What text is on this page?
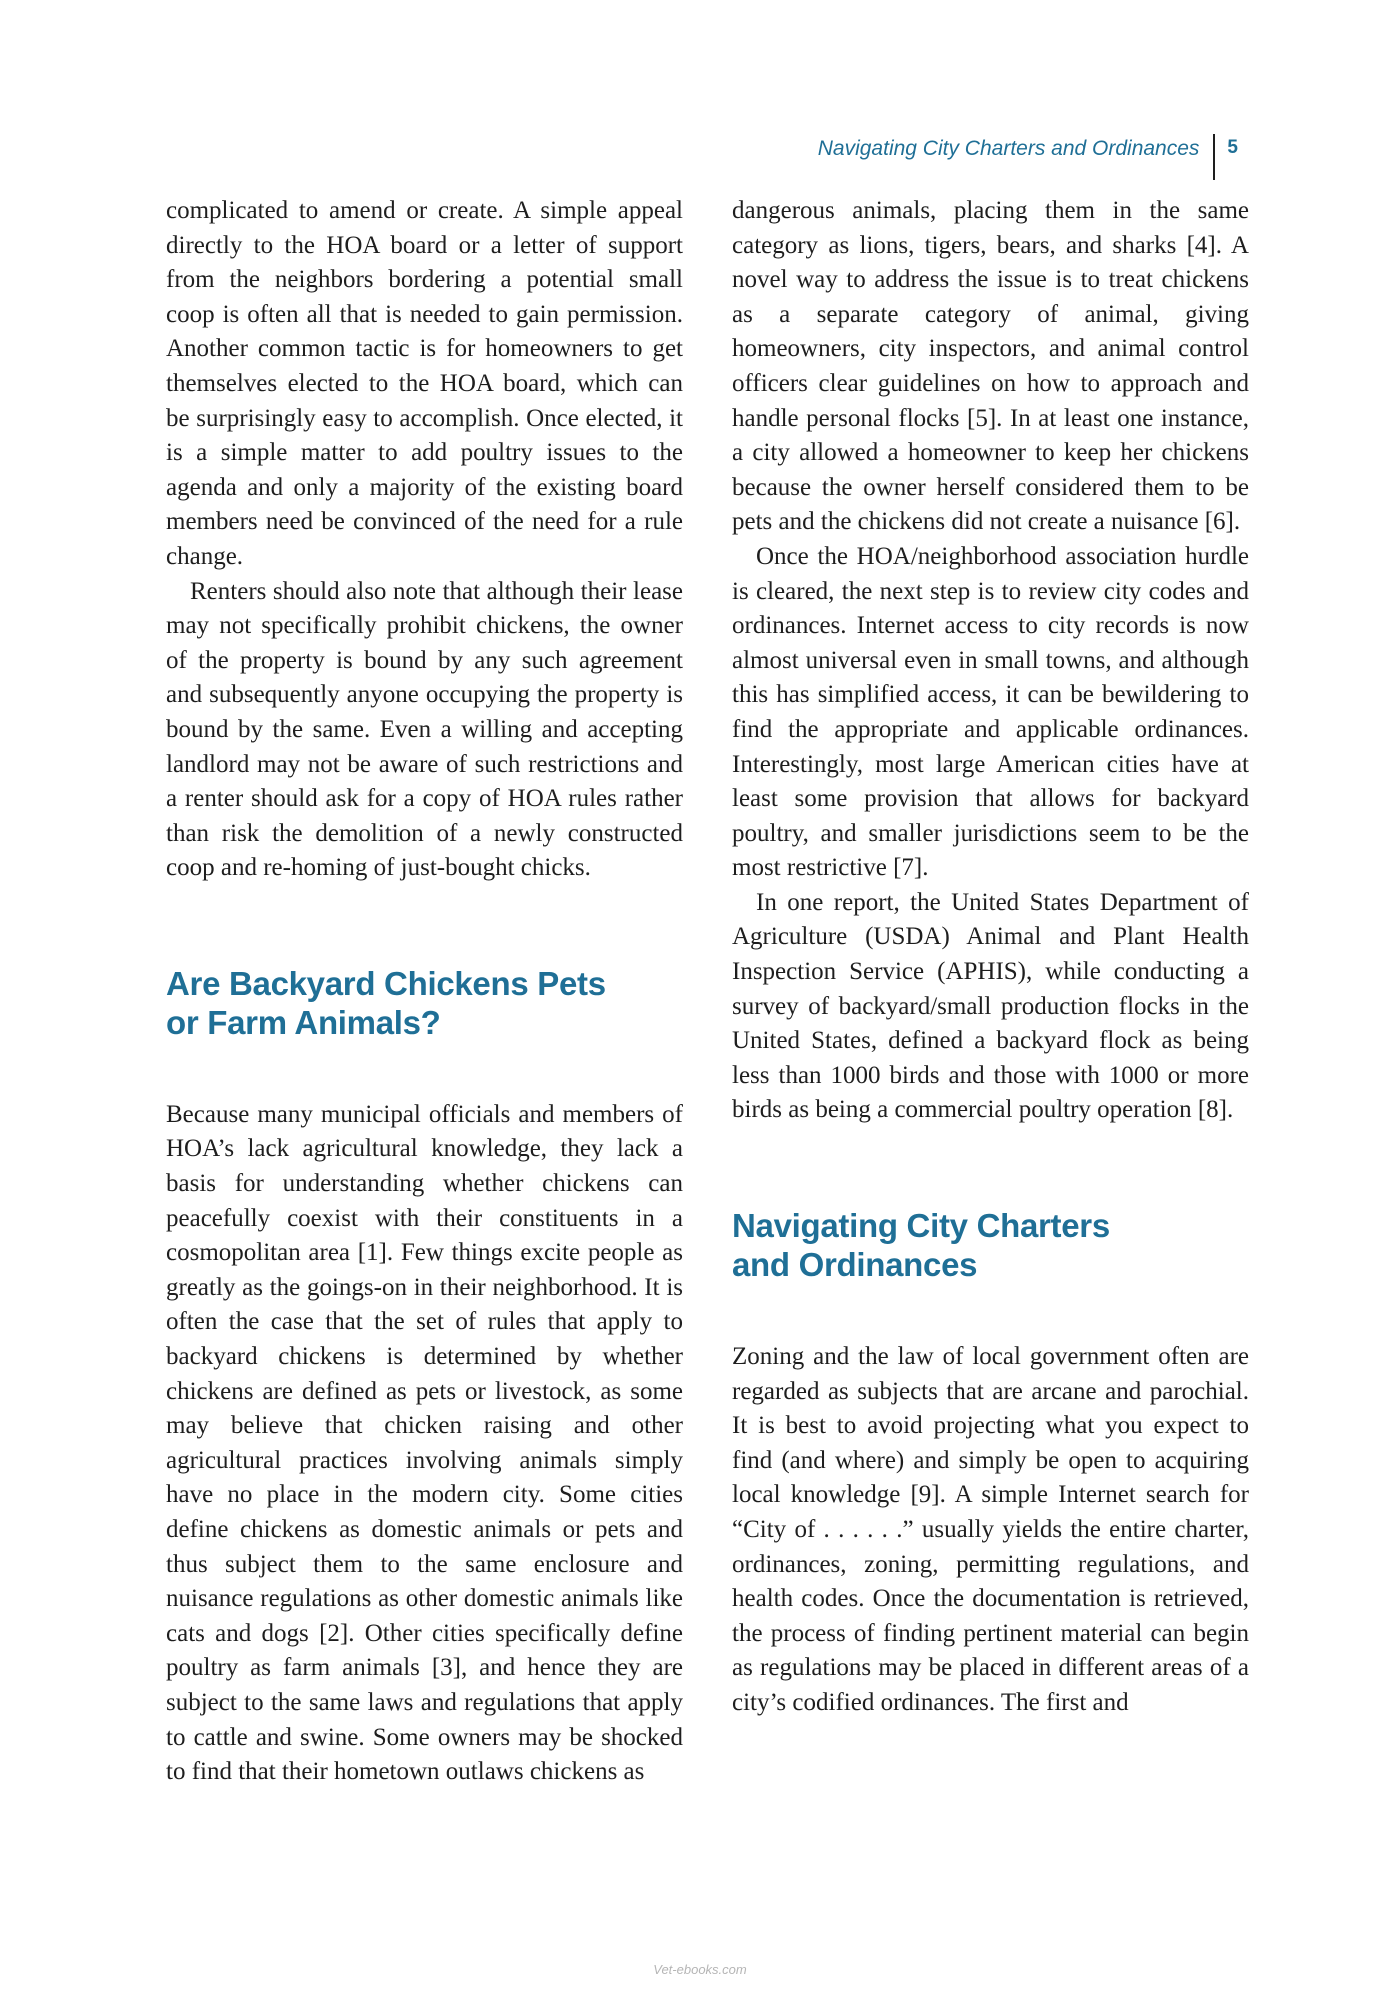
Navigating City Charters and Ordinances	5

complicated to amend or create. A simple appeal directly to the HOA board or a letter of support from the neighbors bordering a potential small coop is often all that is needed to gain permission. Another common tactic is for homeowners to get themselves elected to the HOA board, which can be surprisingly easy to accomplish. Once elected, it is a simple matter to add poultry issues to the agenda and only a majority of the existing board members need be convinced of the need for a rule change.

Renters should also note that although their lease may not specifically prohibit chickens, the owner of the property is bound by any such agreement and subsequently anyone occupying the property is bound by the same. Even a willing and accepting landlord may not be aware of such restrictions and a renter should ask for a copy of HOA rules rather than risk the demolition of a newly constructed coop and re-homing of just-bought chicks.

Are Backyard Chickens Pets
or Farm Animals?

Because many municipal officials and members of HOA’s lack agricultural knowledge, they lack a basis for understanding whether chickens can peacefully coexist with their constituents in a cosmopolitan area [1]. Few things excite people as greatly as the goings-on in their neighborhood. It is often the case that the set of rules that apply to backyard chickens is determined by whether chickens are defined as pets or livestock, as some may believe that chicken raising and other agricultural practices involving animals simply have no place in the modern city. Some cities define chickens as domestic animals or pets and thus subject them to the same enclosure and nuisance regulations as other domestic animals like cats and dogs [2]. Other cities specifically define poultry as farm animals [3], and hence they are subject to the same laws and regulations that apply to cattle and swine. Some owners may be shocked to find that their hometown outlaws chickens as

dangerous animals, placing them in the same category as lions, tigers, bears, and sharks [4]. A novel way to address the issue is to treat chickens as a separate category of animal, giving homeowners, city inspectors, and animal control officers clear guidelines on how to approach and handle personal flocks [5]. In at least one instance, a city allowed a homeowner to keep her chickens because the owner herself considered them to be pets and the chickens did not create a nuisance [6].

Once the HOA/neighborhood association hurdle is cleared, the next step is to review city codes and ordinances. Internet access to city records is now almost universal even in small towns, and although this has simplified access, it can be bewildering to find the appropriate and applicable ordinances. Interestingly, most large American cities have at least some provision that allows for backyard poultry, and smaller jurisdictions seem to be the most restrictive [7].

In one report, the United States Department of Agriculture (USDA) Animal and Plant Health Inspection Service (APHIS), while conducting a survey of backyard/small production flocks in the United States, defined a backyard flock as being less than 1000 birds and those with 1000 or more birds as being a commercial poultry operation [8].

Navigating City Charters
and Ordinances

Zoning and the law of local government often are regarded as subjects that are arcane and parochial. It is best to avoid projecting what you expect to find (and where) and simply be open to acquiring local knowledge [9]. A simple Internet search for “City of . . . . . .” usually yields the entire charter, ordinances, zoning, permitting regulations, and health codes. Once the documentation is retrieved, the process of finding pertinent material can begin as regulations may be placed in different areas of a city’s codified ordinances. The first and

Vet-ebooks.com
